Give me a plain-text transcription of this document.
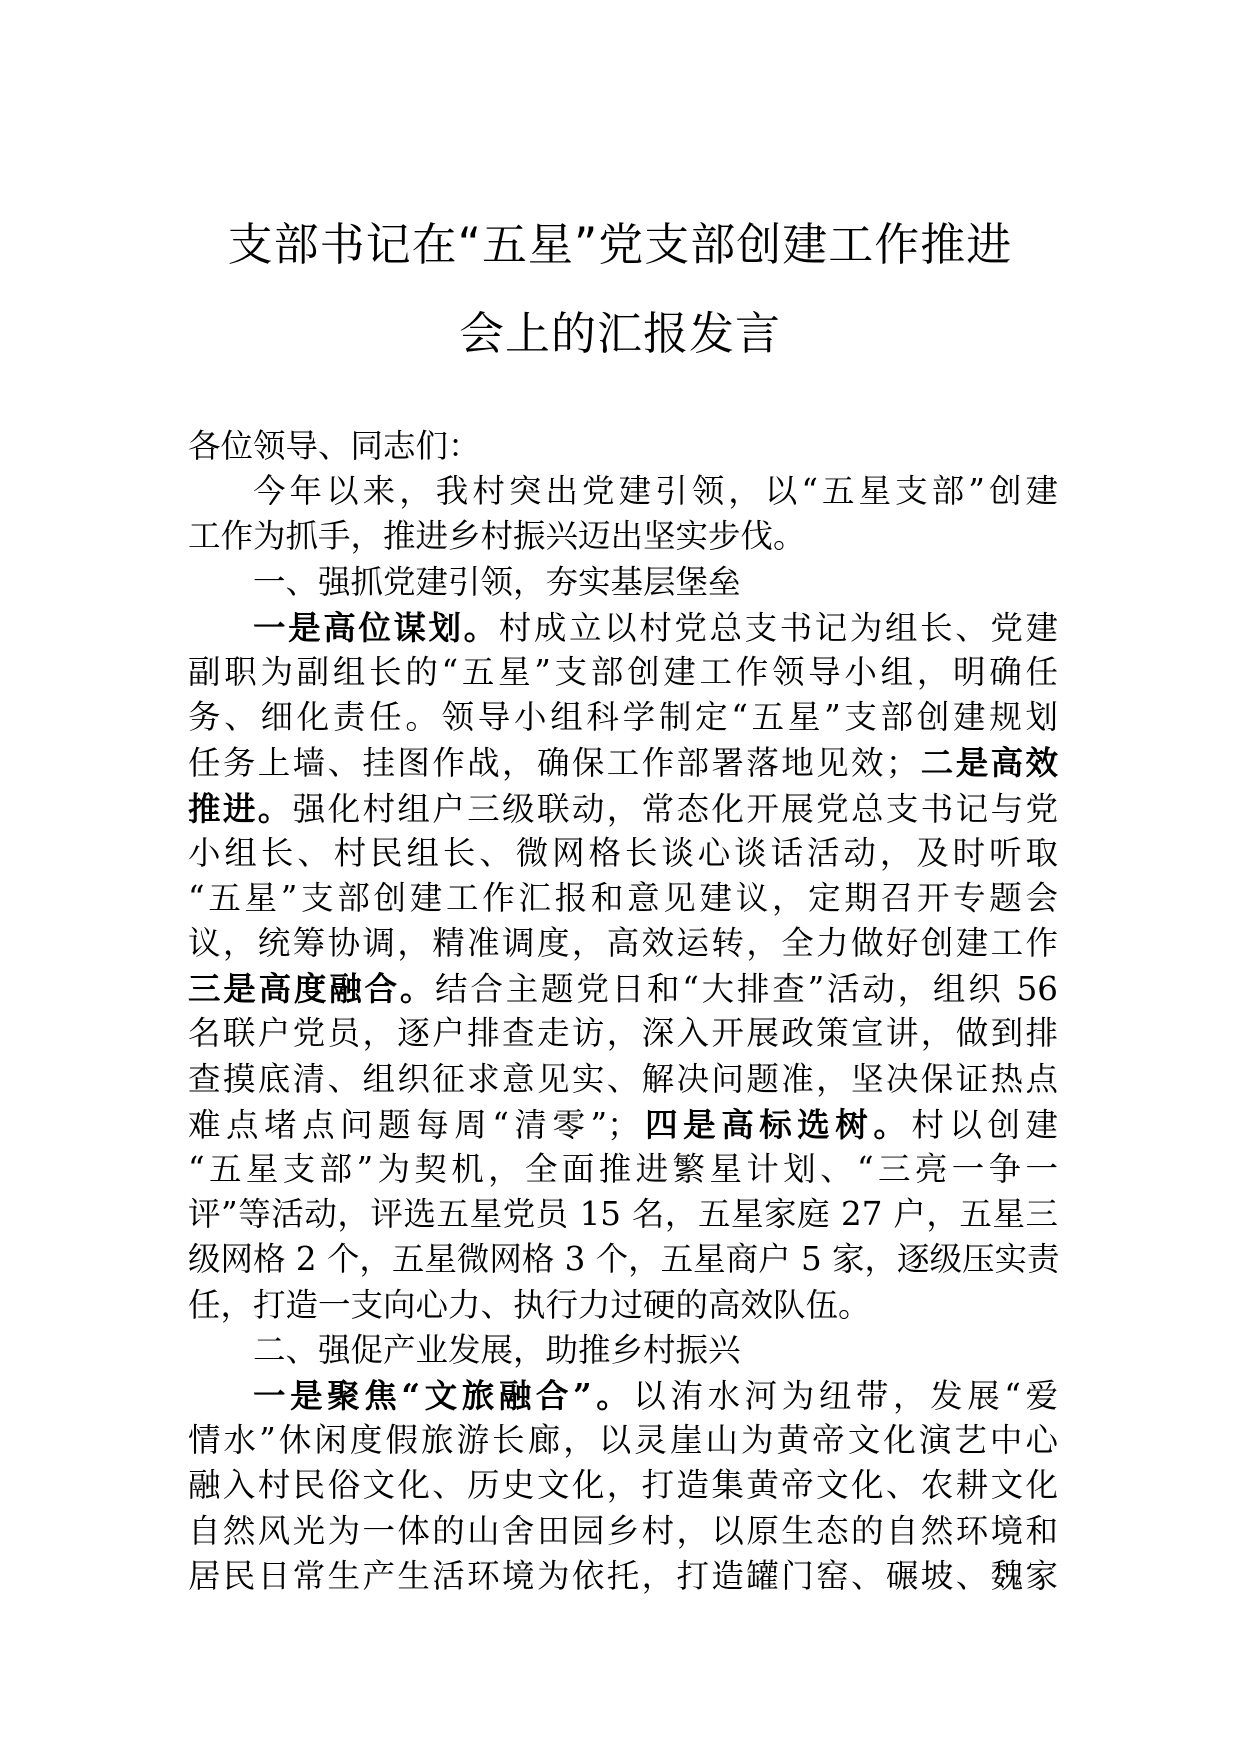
支部书记在“五星”党支部创建工作推进
会上的汇报发言
各位领导、同志们：
今年以来，我村突出党建引领，以“五星支部”创建
工作为抓手，推进乡村振兴迈出坚实步伐。
一、强抓党建引领，夯实基层堡垒
一是高位谋划。村成立以村党总支书记为组长、党建
副职为副组长的“五星”支部创建工作领导小组，明确任
务、细化责任。领导小组科学制定“五星”支部创建规划
任务上墙、挂图作战，确保工作部署落地见效；二是高效
推进。强化村组户三级联动，常态化开展党总支书记与党
小组长、村民组长、微网格长谈心谈话活动，及时听取
“五星”支部创建工作汇报和意见建议，定期召开专题会
议，统筹协调，精准调度，高效运转，全力做好创建工作
三是高度融合。结合主题党日和“大排查”活动，组织 56
名联户党员，逐户排查走访，深入开展政策宣讲，做到排
查摸底清、组织征求意见实、解决问题准，坚决保证热点
难点堵点问题每周“清零”；四是高标选树。村以创建
“五星支部”为契机，全面推进繁星计划、“三亮一争一
评”等活动，评选五星党员 15 名，五星家庭 27 户，五星三
级网格 2 个，五星微网格 3 个，五星商户 5 家，逐级压实责
任，打造一支向心力、执行力过硬的高效队伍。
二、强促产业发展，助推乡村振兴
一是聚焦“文旅融合”。以洧水河为纽带，发展“爱
情水”休闲度假旅游长廊，以灵崖山为黄帝文化演艺中心
融入村民俗文化、历史文化，打造集黄帝文化、农耕文化
自然风光为一体的山舍田园乡村，以原生态的自然环境和
居民日常生产生活环境为依托，打造罐门窑、碾坡、魏家
